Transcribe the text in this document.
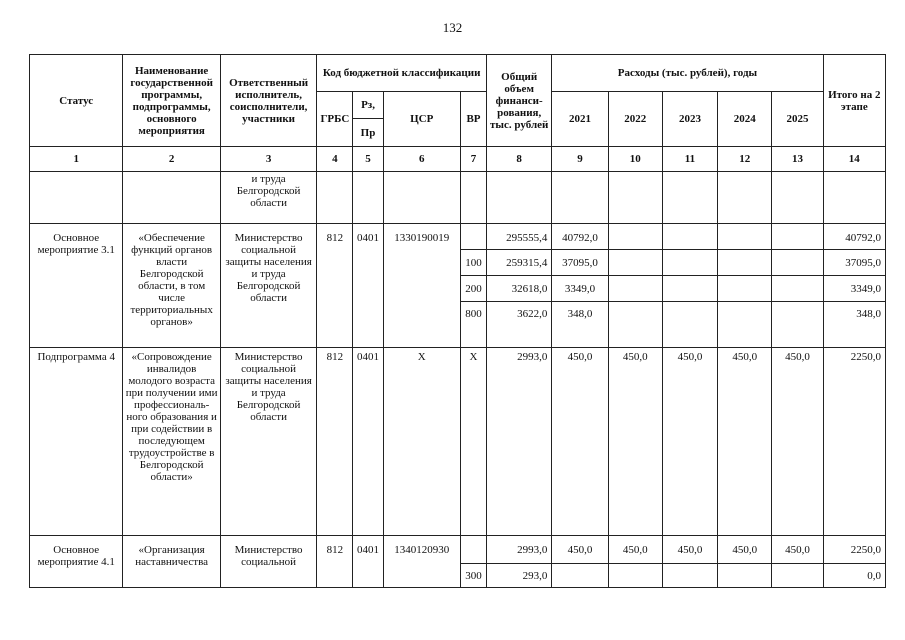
132
Статус	Наименование государственной программы, подпрограммы, основного мероприятия	Ответственный исполнитель, соисполнители, участники	Код бюджетной классификации				Общий объем финанси-рования, тыс. рублей	Расходы (тыс. рублей), годы					Итого на 2 этапе
			ГРБС	Рз,	ЦСР	ВР		2021	2022	2023	2024	2025	
				Пр									
1	2	3	4	5	6	7	8	9	10	11	12	13	14
		и труда Белгородской области											
Основное мероприятие 3.1	«Обеспечение функций органов власти Белгородской области, в том числе территориальных органов»	Министерство социальной защиты населения и труда Белгородской области	812	0401	1330190019		295555,4	40792,0					40792,0
						100	259315,4	37095,0					37095,0
						200	32618,0	3349,0					3349,0
						800	3622,0	348,0					348,0
Подпрограмма 4	«Сопровождение инвалидов молодого возраста при получении ими профессиональ-ного образования и при содействии в последующем трудоустройстве в Белгородской области»	Министерство социальной защиты населения и труда Белгородской области	812	0401	X	X	2993,0	450,0	450,0	450,0	450,0	450,0	2250,0
Основное мероприятие 4.1	«Организация наставничества	Министерство социальной	812	0401	1340120930		2993,0	450,0	450,0	450,0	450,0	450,0	2250,0
						300	293,0						0,0
